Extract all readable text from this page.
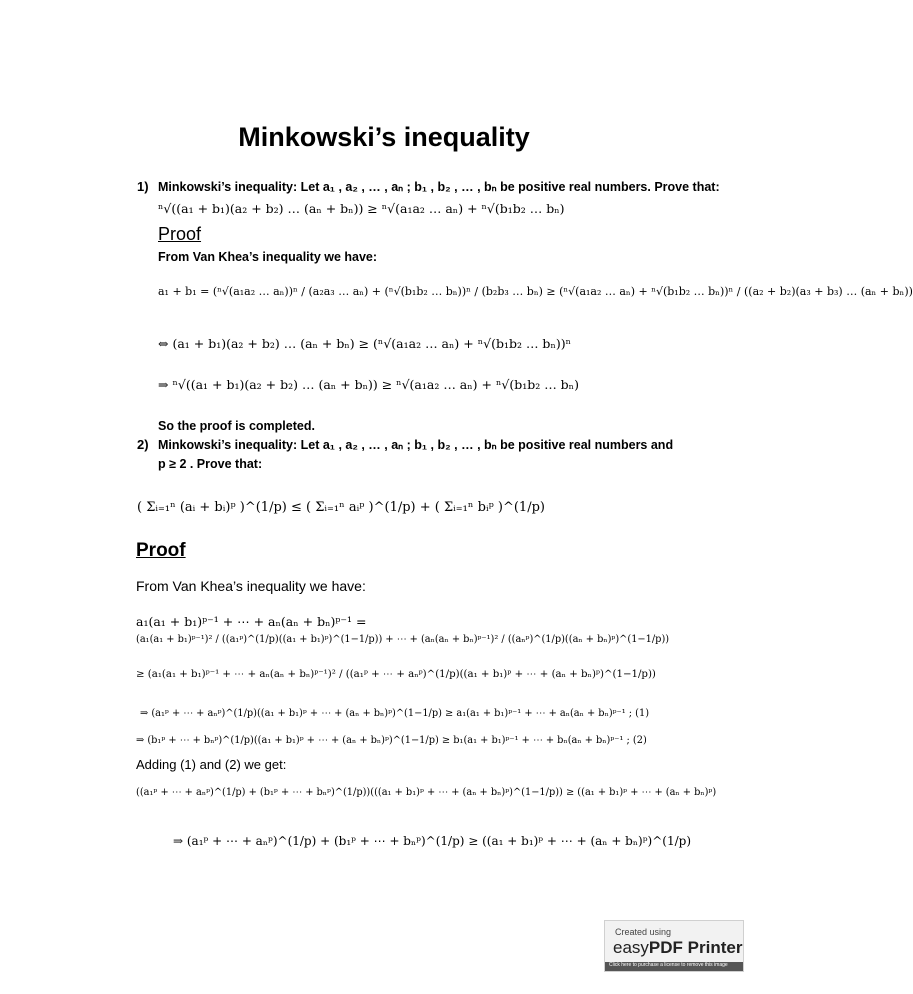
Minkowski’s inequality
1) Minkowski’s inequality: Let a₁ , a₂ , … , aₙ ; b₁ , b₂ , … , bₙ be positive real numbers. Prove that:
ⁿ√((a₁ + b₁)(a₂ + b₂) … (aₙ + bₙ)) ≥ ⁿ√(a₁a₂ … aₙ) + ⁿ√(b₁b₂ … bₙ)
Proof
From Van Khea’s inequality we have:
a₁ + b₁ = (ⁿ√(a₁a₂ … aₙ))ⁿ / (a₂a₃ … aₙ) + (ⁿ√(b₁b₂ … bₙ))ⁿ / (b₂b₃ … bₙ) ≥ (ⁿ√(a₁a₂ … aₙ) + ⁿ√(b₁b₂ … bₙ))ⁿ / ((a₂ + b₂)(a₃ + b₃) … (aₙ + bₙ))
⇔ (a₁ + b₁)(a₂ + b₂) … (aₙ + bₙ) ≥ (ⁿ√(a₁a₂ … aₙ) + ⁿ√(b₁b₂ … bₙ))ⁿ
⇒ ⁿ√((a₁ + b₁)(a₂ + b₂) … (aₙ + bₙ)) ≥ ⁿ√(a₁a₂ … aₙ) + ⁿ√(b₁b₂ … bₙ)
So the proof is completed.
2) Minkowski’s inequality: Let a₁ , a₂ , … , aₙ ; b₁ , b₂ , … , bₙ be positive real numbers and
p ≥ 2 . Prove that:
( Σᵢ₌₁ⁿ (aᵢ + bᵢ)ᵖ )^(1/p) ≤ ( Σᵢ₌₁ⁿ aᵢᵖ )^(1/p) + ( Σᵢ₌₁ⁿ bᵢᵖ )^(1/p)
Proof
From Van Khea’s inequality we have:
a₁(a₁ + b₁)ᵖ⁻¹ + ⋯ + aₙ(aₙ + bₙ)ᵖ⁻¹ =
(a₁(a₁ + b₁)ᵖ⁻¹)² / ((a₁ᵖ)^(1/p)((a₁ + b₁)ᵖ)^(1−1/p)) + ⋯ + (aₙ(aₙ + bₙ)ᵖ⁻¹)² / ((aₙᵖ)^(1/p)((aₙ + bₙ)ᵖ)^(1−1/p))
≥ (a₁(a₁ + b₁)ᵖ⁻¹ + ⋯ + aₙ(aₙ + bₙ)ᵖ⁻¹)² / ((a₁ᵖ + ⋯ + aₙᵖ)^(1/p)((a₁ + b₁)ᵖ + ⋯ + (aₙ + bₙ)ᵖ)^(1−1/p))
⇒ (a₁ᵖ + ⋯ + aₙᵖ)^(1/p)((a₁ + b₁)ᵖ + ⋯ + (aₙ + bₙ)ᵖ)^(1−1/p) ≥ a₁(a₁ + b₁)ᵖ⁻¹ + ⋯ + aₙ(aₙ + bₙ)ᵖ⁻¹ ; (1)
⇒ (b₁ᵖ + ⋯ + bₙᵖ)^(1/p)((a₁ + b₁)ᵖ + ⋯ + (aₙ + bₙ)ᵖ)^(1−1/p) ≥ b₁(a₁ + b₁)ᵖ⁻¹ + ⋯ + bₙ(aₙ + bₙ)ᵖ⁻¹ ; (2)
Adding (1) and (2) we get:
((a₁ᵖ + ⋯ + aₙᵖ)^(1/p) + (b₁ᵖ + ⋯ + bₙᵖ)^(1/p))(((a₁ + b₁)ᵖ + ⋯ + (aₙ + bₙ)ᵖ)^(1−1/p)) ≥ ((a₁ + b₁)ᵖ + ⋯ + (aₙ + bₙ)ᵖ)
⇒ (a₁ᵖ + ⋯ + aₙᵖ)^(1/p) + (b₁ᵖ + ⋯ + bₙᵖ)^(1/p) ≥ ((a₁ + b₁)ᵖ + ⋯ + (aₙ + bₙ)ᵖ)^(1/p)
Created using
easyPDF Printer
Click here to purchase a license to remove this image
